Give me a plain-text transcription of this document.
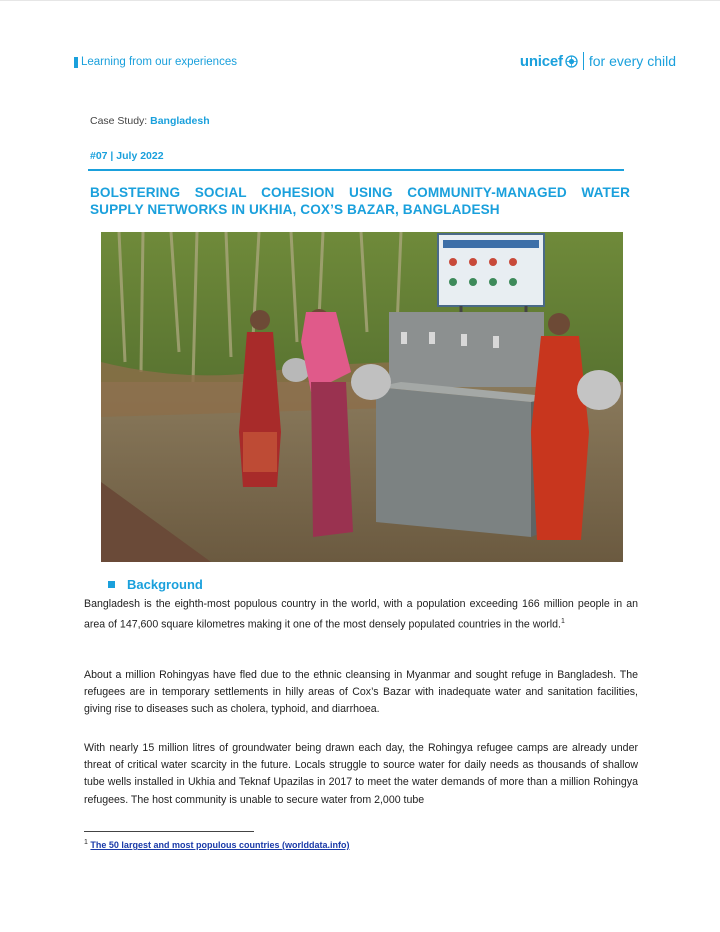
Learning from our experiences	unicef for every child
Case Study: Bangladesh
#07 | July 2022
BOLSTERING SOCIAL COHESION USING COMMUNITY-MANAGED WATER SUPPLY NETWORKS IN UKHIA, COX’S BAZAR, BANGLADESH
Background
Bangladesh is the eighth-most populous country in the world, with a population exceeding 166 million people in an area of 147,600 square kilometres making it one of the most densely populated countries in the world.$^1$
About a million Rohingyas have fled due to the ethnic cleansing in Myanmar and sought refuge in Bangladesh. The refugees are in temporary settlements in hilly areas of Cox’s Bazar with inadequate water and sanitation facilities, giving rise to diseases such as cholera, typhoid, and diarrhoea.
With nearly 15 million litres of groundwater being drawn each day, the Rohingya refugee camps are already under threat of critical water scarcity in the future. Locals struggle to source water for daily needs as thousands of shallow tube wells installed in Ukhia and Teknaf Upazilas in 2017 to meet the water demands of more than a million Rohingya refugees. The host community is unable to secure water from 2,000 tube
$^1$ The 50 largest and most populous countries (worlddata.info)
